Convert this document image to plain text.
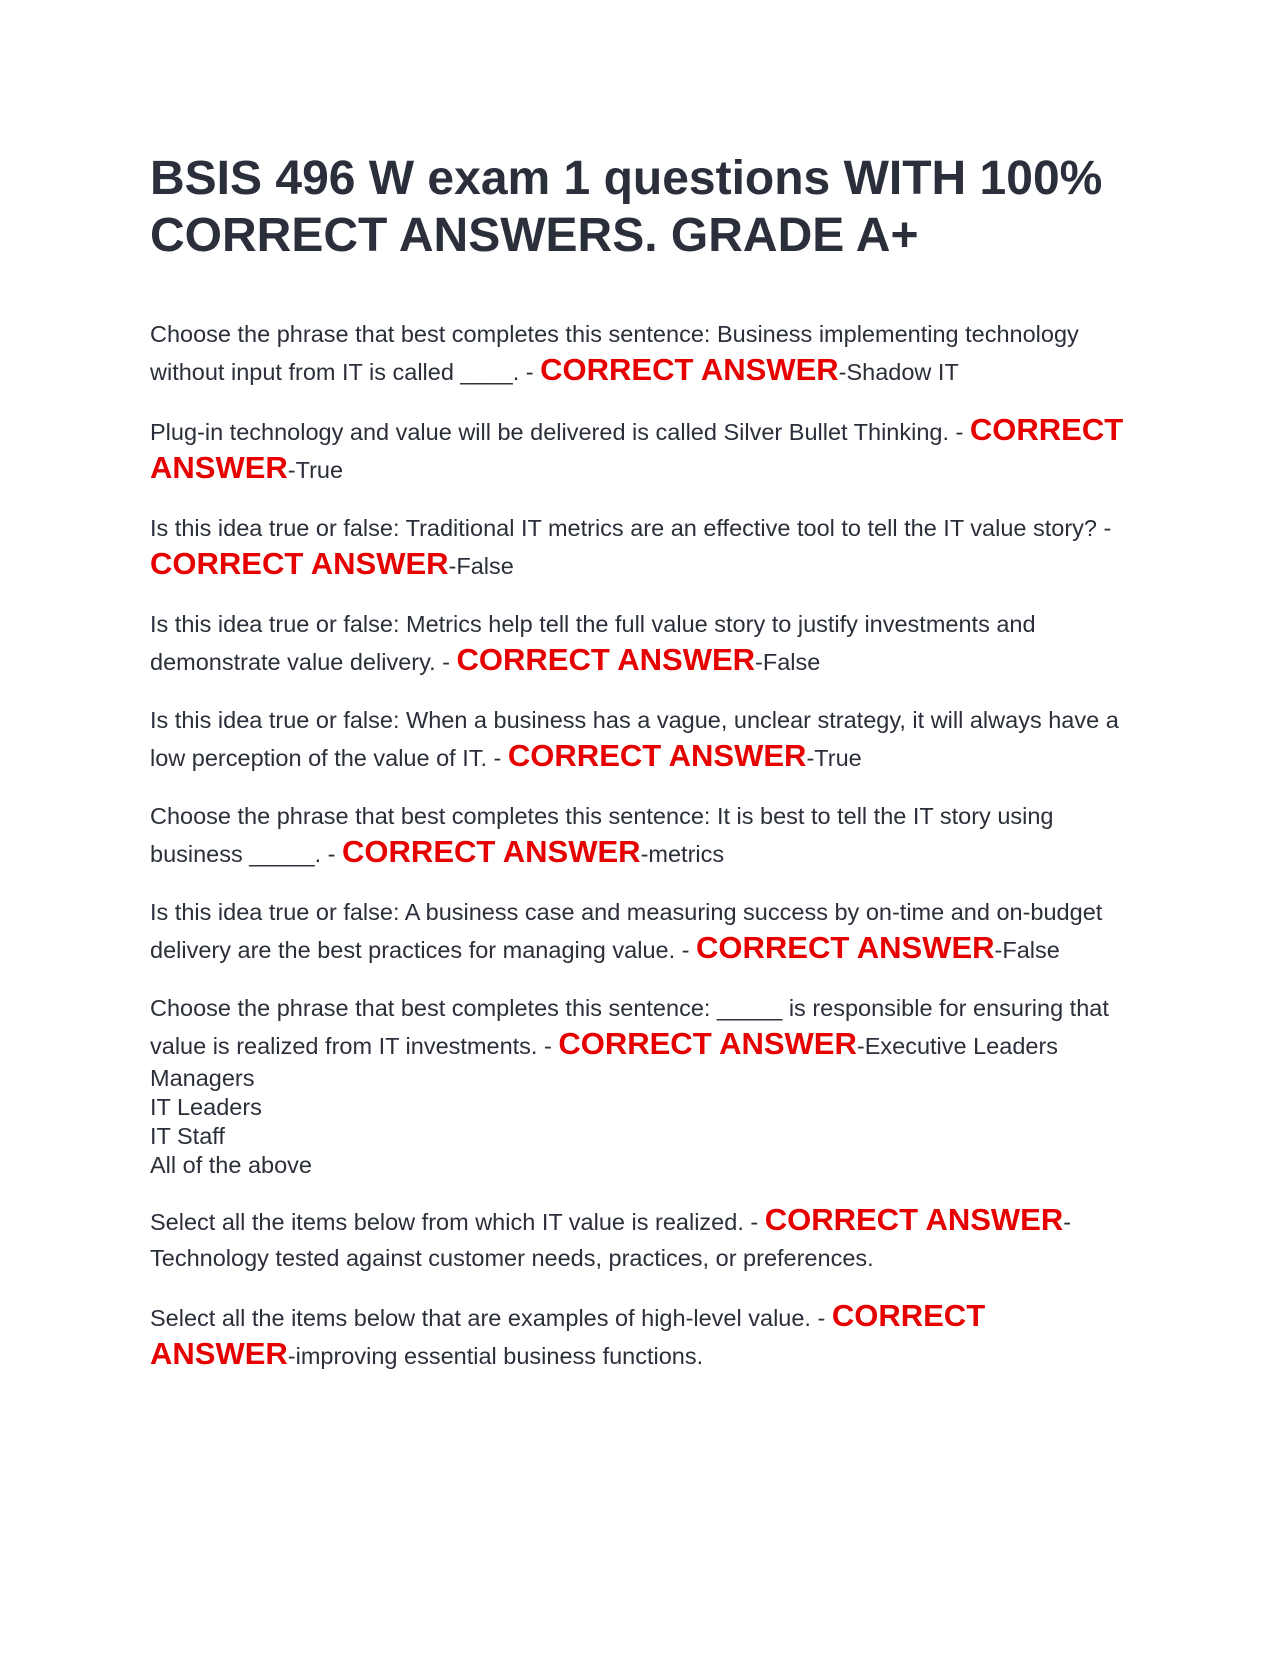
BSIS 496 W exam 1 questions WITH 100% CORRECT ANSWERS. GRADE A+

Choose the phrase that best completes this sentence: Business implementing technology without input from IT is called ____. - CORRECT ANSWER-Shadow IT

Plug-in technology and value will be delivered is called Silver Bullet Thinking. - CORRECT ANSWER-True

Is this idea true or false: Traditional IT metrics are an effective tool to tell the IT value story? - CORRECT ANSWER-False

Is this idea true or false: Metrics help tell the full value story to justify investments and demonstrate value delivery. - CORRECT ANSWER-False

Is this idea true or false: When a business has a vague, unclear strategy, it will always have a low perception of the value of IT. - CORRECT ANSWER-True

Choose the phrase that best completes this sentence: It is best to tell the IT story using business _____. - CORRECT ANSWER-metrics

Is this idea true or false: A business case and measuring success by on-time and on-budget delivery are the best practices for managing value. - CORRECT ANSWER-False

Choose the phrase that best completes this sentence: _____ is responsible for ensuring that value is realized from IT investments. - CORRECT ANSWER-Executive Leaders
Managers
IT Leaders
IT Staff
All of the above

Select all the items below from which IT value is realized. - CORRECT ANSWER-Technology tested against customer needs, practices, or preferences.

Select all the items below that are examples of high-level value. - CORRECT ANSWER-improving essential business functions.
